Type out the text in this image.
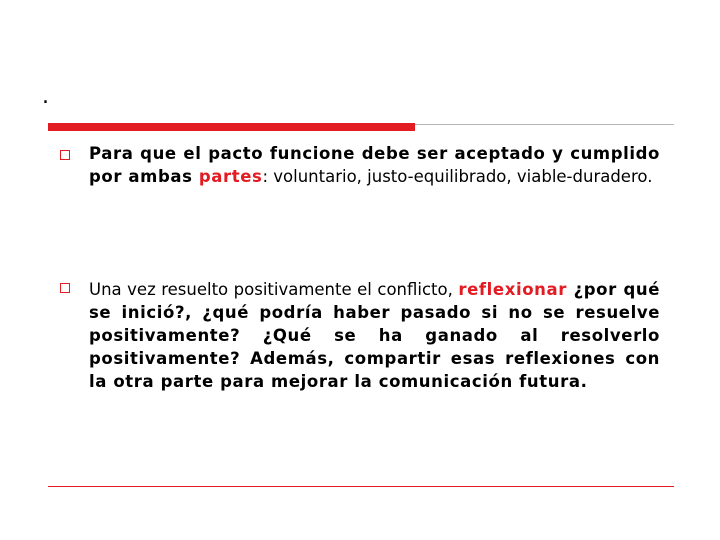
.

Para que el pacto funcione debe ser aceptado y cumplido por ambas partes: voluntario, justo-equilibrado, viable-duradero.

Una vez resuelto positivamente el conflicto, reflexionar ¿por qué se inició?, ¿qué podría haber pasado si no se resuelve positivamente? ¿Qué se ha ganado al resolverlo positivamente? Además, compartir esas reflexiones con la otra parte para mejorar la comunicación futura.
